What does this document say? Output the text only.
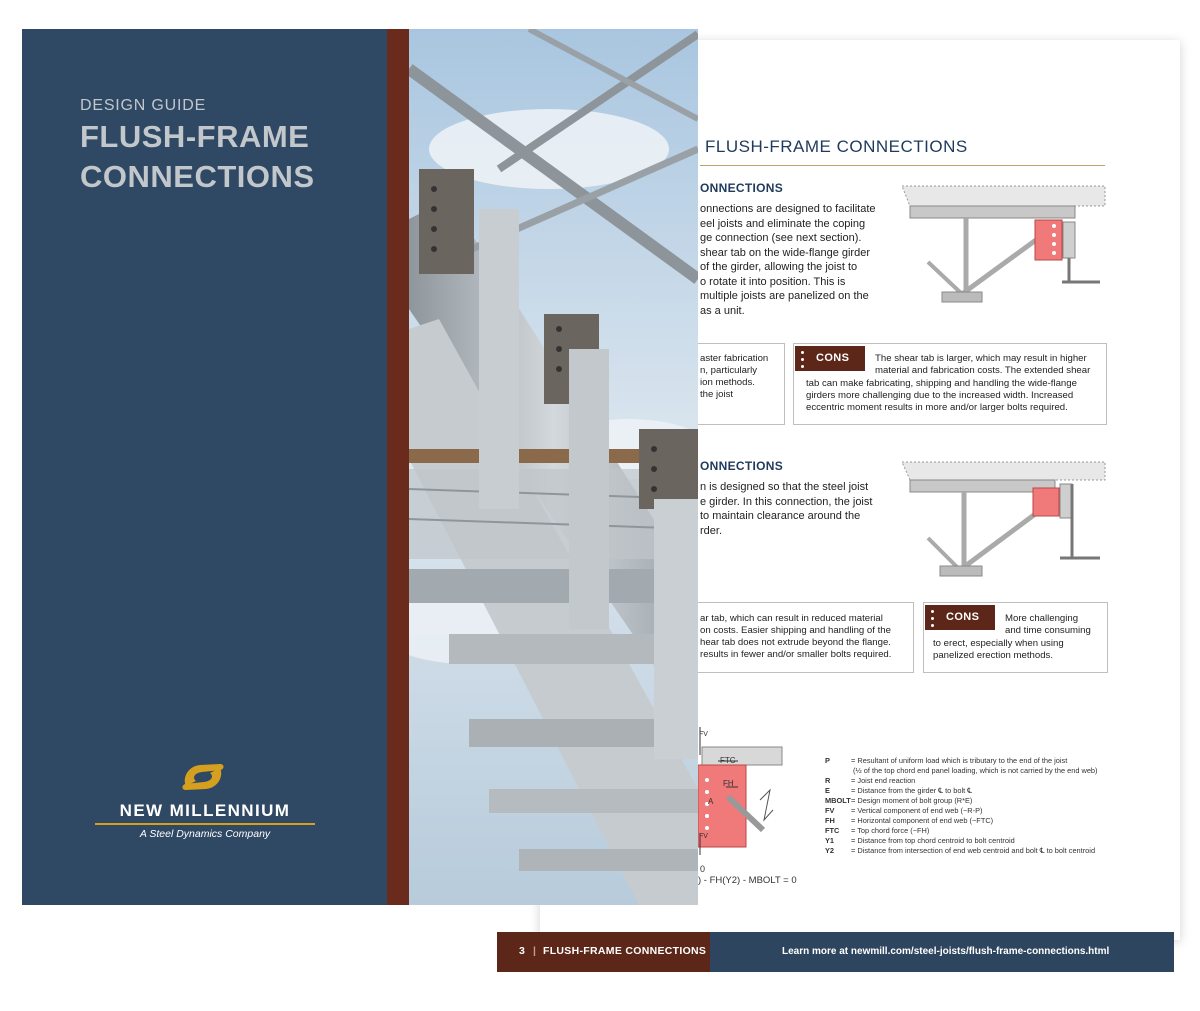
FLUSH-FRAME CONNECTIONS
ONNECTIONS
onnections are designed to facilitate
eel joists and eliminate the coping
ge connection (see next section).
shear tab on the wide-flange girder
of the girder, allowing the joist to
o rotate it into position. This is
multiple joists are panelized on the
as a unit.
aster fabrication
n, particularly
ion methods.
the joist
CONS	The shear tab is larger, which may result in higher
material and fabrication costs. The extended shear
tab can make fabricating, shipping and handling the wide-flange
girders more challenging due to the increased width. Increased
eccentric moment results in more and/or larger bolts required.
ONNECTIONS
n is designed so that the steel joist
e girder. In this connection, the joist
to maintain clearance around the
rder.
ar tab, which can result in reduced material
on costs. Easier shipping and handling of the
hear tab does not extrude beyond the flange.
results in fewer and/or smaller bolts required.
CONS	More challenging
and time consuming
to erect, especially when using
panelized erection methods.
FV
FTC
FH
A
FV
0
) - FH(Y2) - MBOLT = 0
P	= Resultant of uniform load which is tributary to the end of the joist
(½ of the top chord end panel loading, which is not carried by the end web)
R	= Joist end reaction
E	= Distance from the girder ℄ to bolt ℄
MBOLT= Design moment of bolt group (R*E)
FV = Vertical component of end web (~R-P)
FH = Horizontal component of end web (~FTC)
FTC = Top chord force (~FH)
Y1 = Distance from top chord centroid to bolt centroid
Y2 = Distance from intersection of end web centroid and bolt ℄ to bolt centroid
3 | FLUSH-FRAME CONNECTIONS	Learn more at newmill.com/steel-joists/flush-frame-connections.html
DESIGN GUIDE
FLUSH-FRAME
CONNECTIONS
NEW MILLENNIUM
A Steel Dynamics Company
